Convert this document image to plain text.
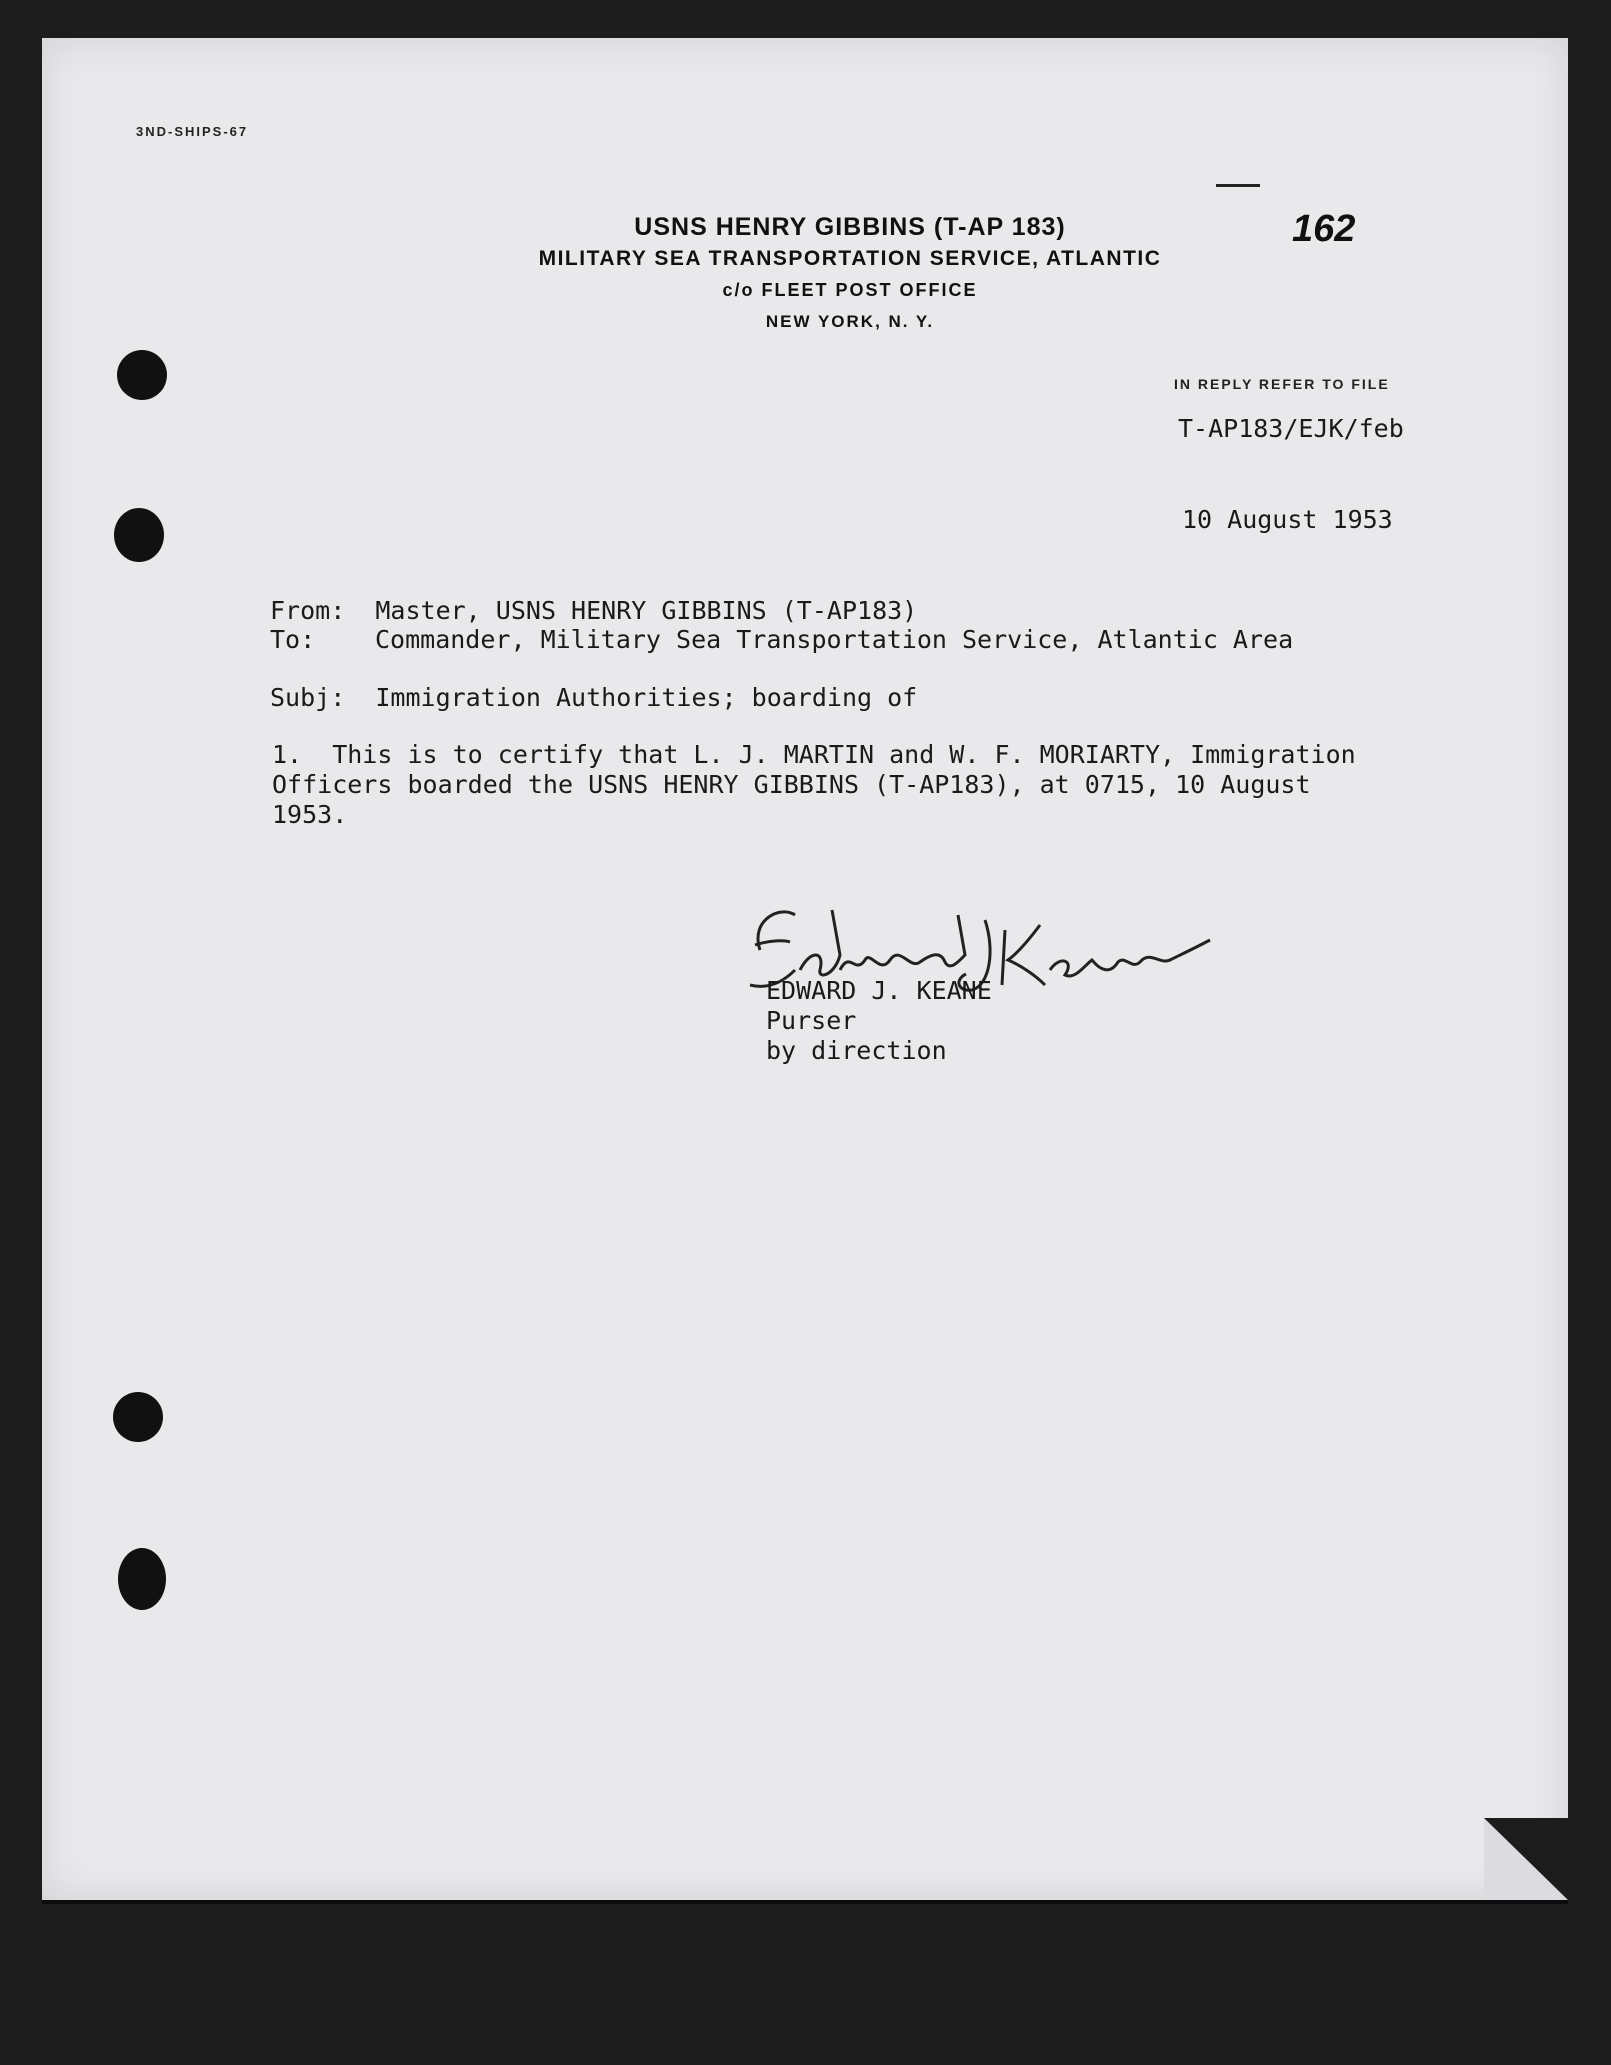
3ND-SHIPS-67
USNS HENRY GIBBINS (T-AP 183)
MILITARY SEA TRANSPORTATION SERVICE, ATLANTIC
c/o FLEET POST OFFICE
NEW YORK, N. Y.
162
IN REPLY REFER TO FILE
T-AP183/EJK/feb
10 August 1953
From: Master, USNS HENRY GIBBINS (T-AP183)
To: Commander, Military Sea Transportation Service, Atlantic Area
Subj: Immigration Authorities; boarding of
1.  This is to certify that L. J. MARTIN and W. F. MORIARTY, Immigration
Officers boarded the USNS HENRY GIBBINS (T-AP183), at 0715, 10 August
1953.
EDWARD J. KEANE
Purser
by direction
